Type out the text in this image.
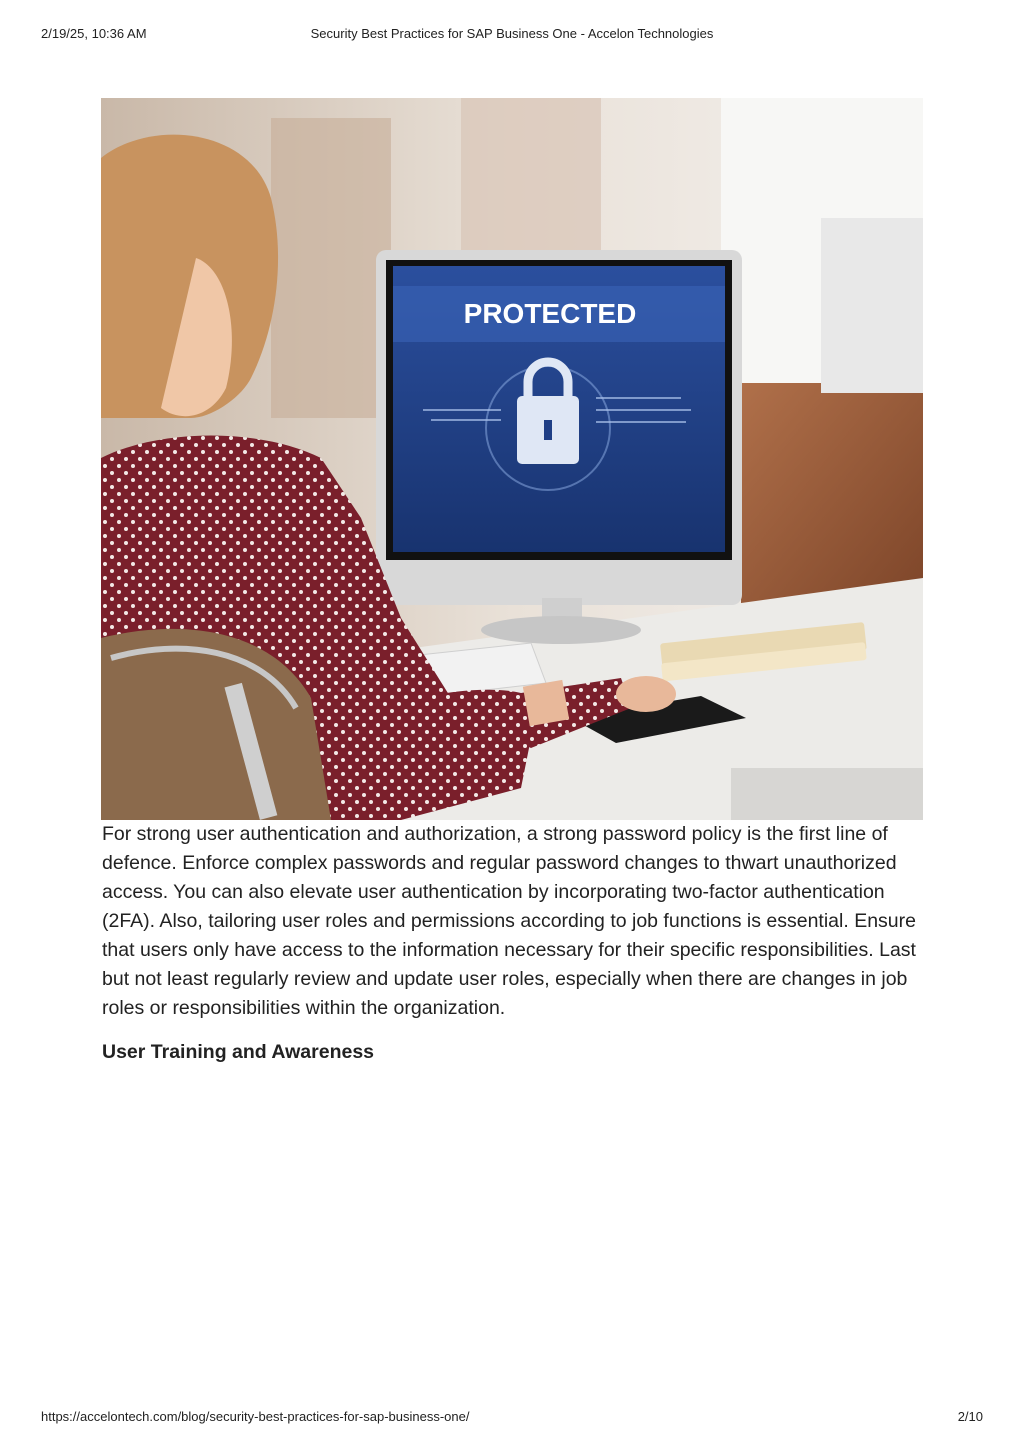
2/19/25, 10:36 AM	Security Best Practices for SAP Business One - Accelon Technologies
PROTECTED

For strong user authentication and authorization, a strong password policy is the first line of defence. Enforce complex passwords and regular password changes to thwart unauthorized access. You can also elevate user authentication by incorporating two-factor authentication (2FA). Also, tailoring user roles and permissions according to job functions is essential. Ensure that users only have access to the information necessary for their specific responsibilities. Last but not least regularly review and update user roles, especially when there are changes in job roles or responsibilities within the organization.

User Training and Awareness
https://accelontech.com/blog/security-best-practices-for-sap-business-one/	2/10
